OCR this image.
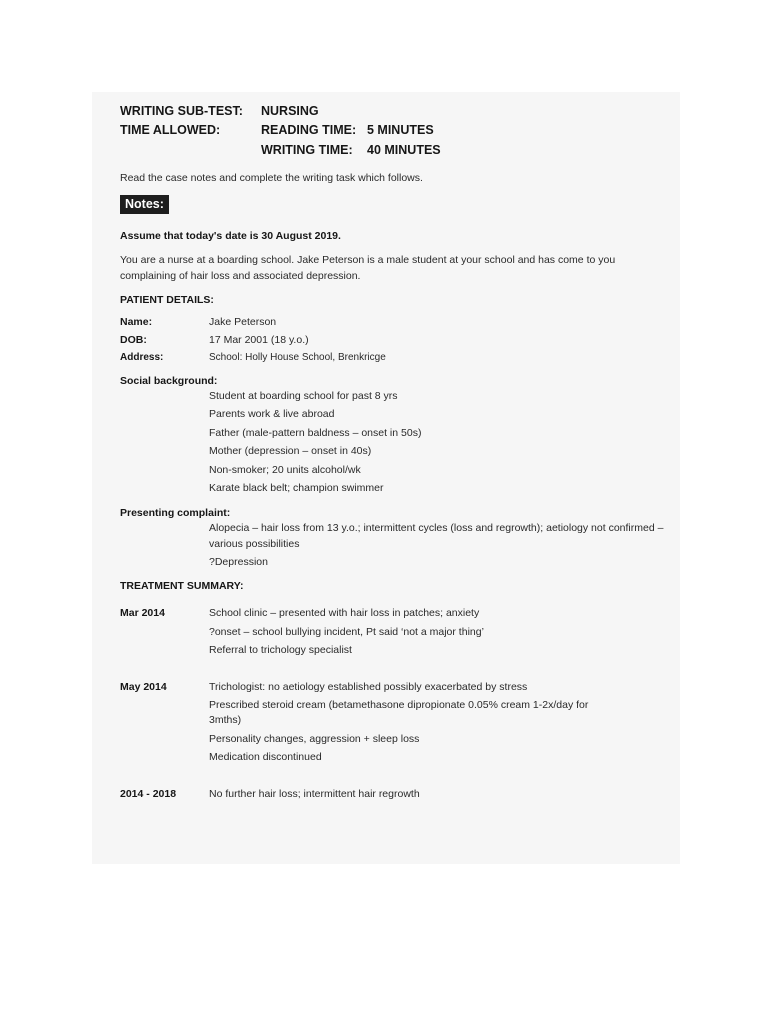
WRITING SUB-TEST: NURSING
TIME ALLOWED:	READING TIME: 5 MINUTES
WRITING TIME: 40 MINUTES
Read the case notes and complete the writing task which follows.
Notes:
Assume that today's date is 30 August 2019.
You are a nurse at a boarding school. Jake Peterson is a male student at your school and has come to you
complaining of hair loss and associated depression.
PATIENT DETAILS:
Name:	Jake Peterson
DOB:	17 Mar 2001 (18 y.o.)
Address:	School: Holly House School, Brenkricge
Social background:
Student at boarding school for past 8 yrs
Parents work & live abroad
Father (male-pattern baldness – onset in 50s)
Mother (depression – onset in 40s)
Non-smoker; 20 units alcohol/wk
Karate black belt; champion swimmer
Presenting complaint:
Alopecia – hair loss from 13 y.o.; intermittent cycles (loss and regrowth); aetiology not confirmed –
various possibilities
?Depression
TREATMENT SUMMARY:
Mar 2014	School clinic – presented with hair loss in patches; anxiety
?onset – school bullying incident, Pt said ‘not a major thing’
Referral to trichology specialist
May 2014	Trichologist: no aetiology established possibly exacerbated by stress
Prescribed steroid cream (betamethasone dipropionate 0.05% cream 1-2x/day for
3mths)
Personality changes, aggression + sleep loss
Medication discontinued
2014 - 2018	No further hair loss; intermittent hair regrowth
